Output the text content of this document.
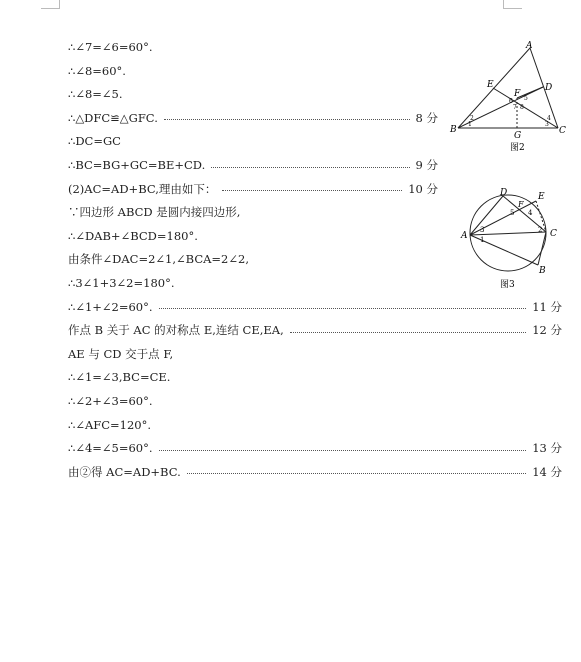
∴∠7=∠6=60°.
∴∠8=60°.
∴∠8=∠5.
∴△DFC≌△GFC.	8 分
∴DC=GC
∴BC=BG+GC=BE+CD.	9 分
(2)AC=AD+BC,理由如下：	10 分
∵四边形 ABCD 是圆内接四边形,
∴∠DAB+∠BCD=180°.
由条件∠DAC=2∠1,∠BCA=2∠2,
∴3∠1+3∠2=180°.
∴∠1+∠2=60°.	11 分
作点 B 关于 AC 的对称点 E,连结 CE,EA,	12 分
AE 与 CD 交于点 F,
∴∠1=∠3,BC=CE.
∴∠2+∠3=60°.
∴∠AFC=120°.
∴∠4=∠5=60°.	13 分
由②得 AC=AD+BC.	14 分
A
E	D
F
B	C
G
1
2
3
4
5
6
7 8
图2
D	E
F
A	C
B
1
2
3
4
5
图3
